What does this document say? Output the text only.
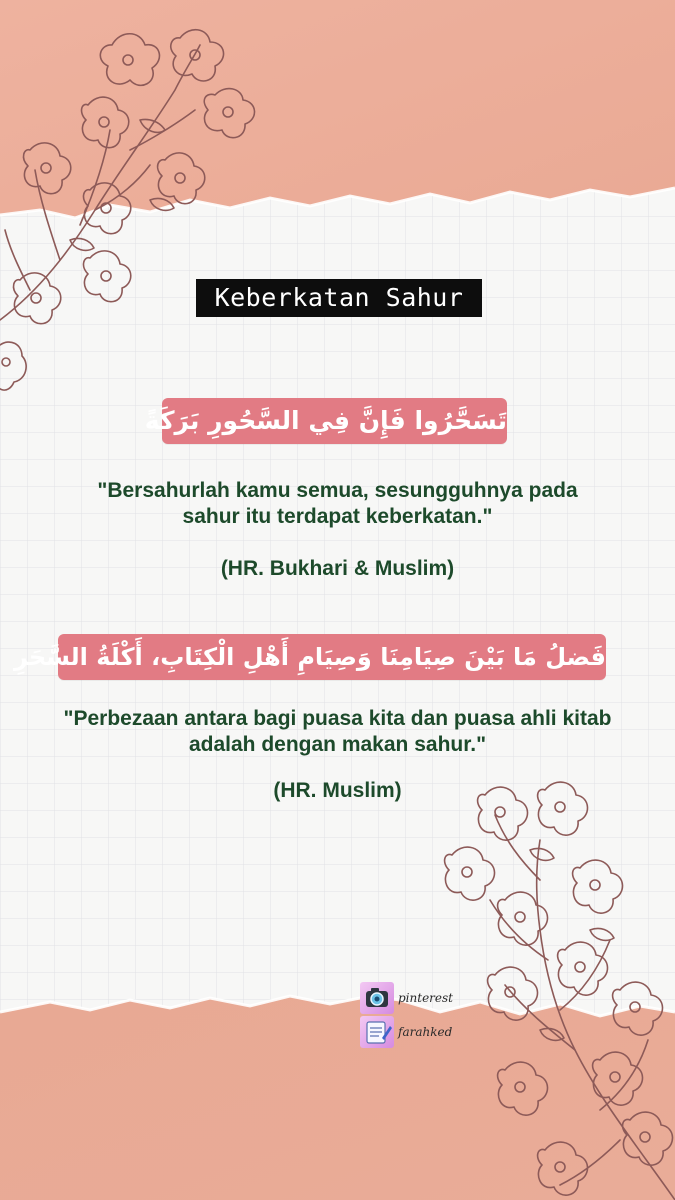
Keberkatan Sahur
تَسَحَّرُوا فَإِنَّ فِي السَّحُورِ بَرَكَةً
"Bersahurlah kamu semua, sesungguhnya pada
sahur itu terdapat keberkatan."
(HR. Bukhari & Muslim)
فَضلُ مَا بَيْنَ صِيَامِنَا وَصِيَامِ أَهْلِ الْكِتَابِ، أَكْلَةُ السَّحَرِ
"Perbezaan antara bagi puasa kita dan puasa ahli kitab
adalah dengan makan sahur."
(HR. Muslim)
pinterest
farahked
